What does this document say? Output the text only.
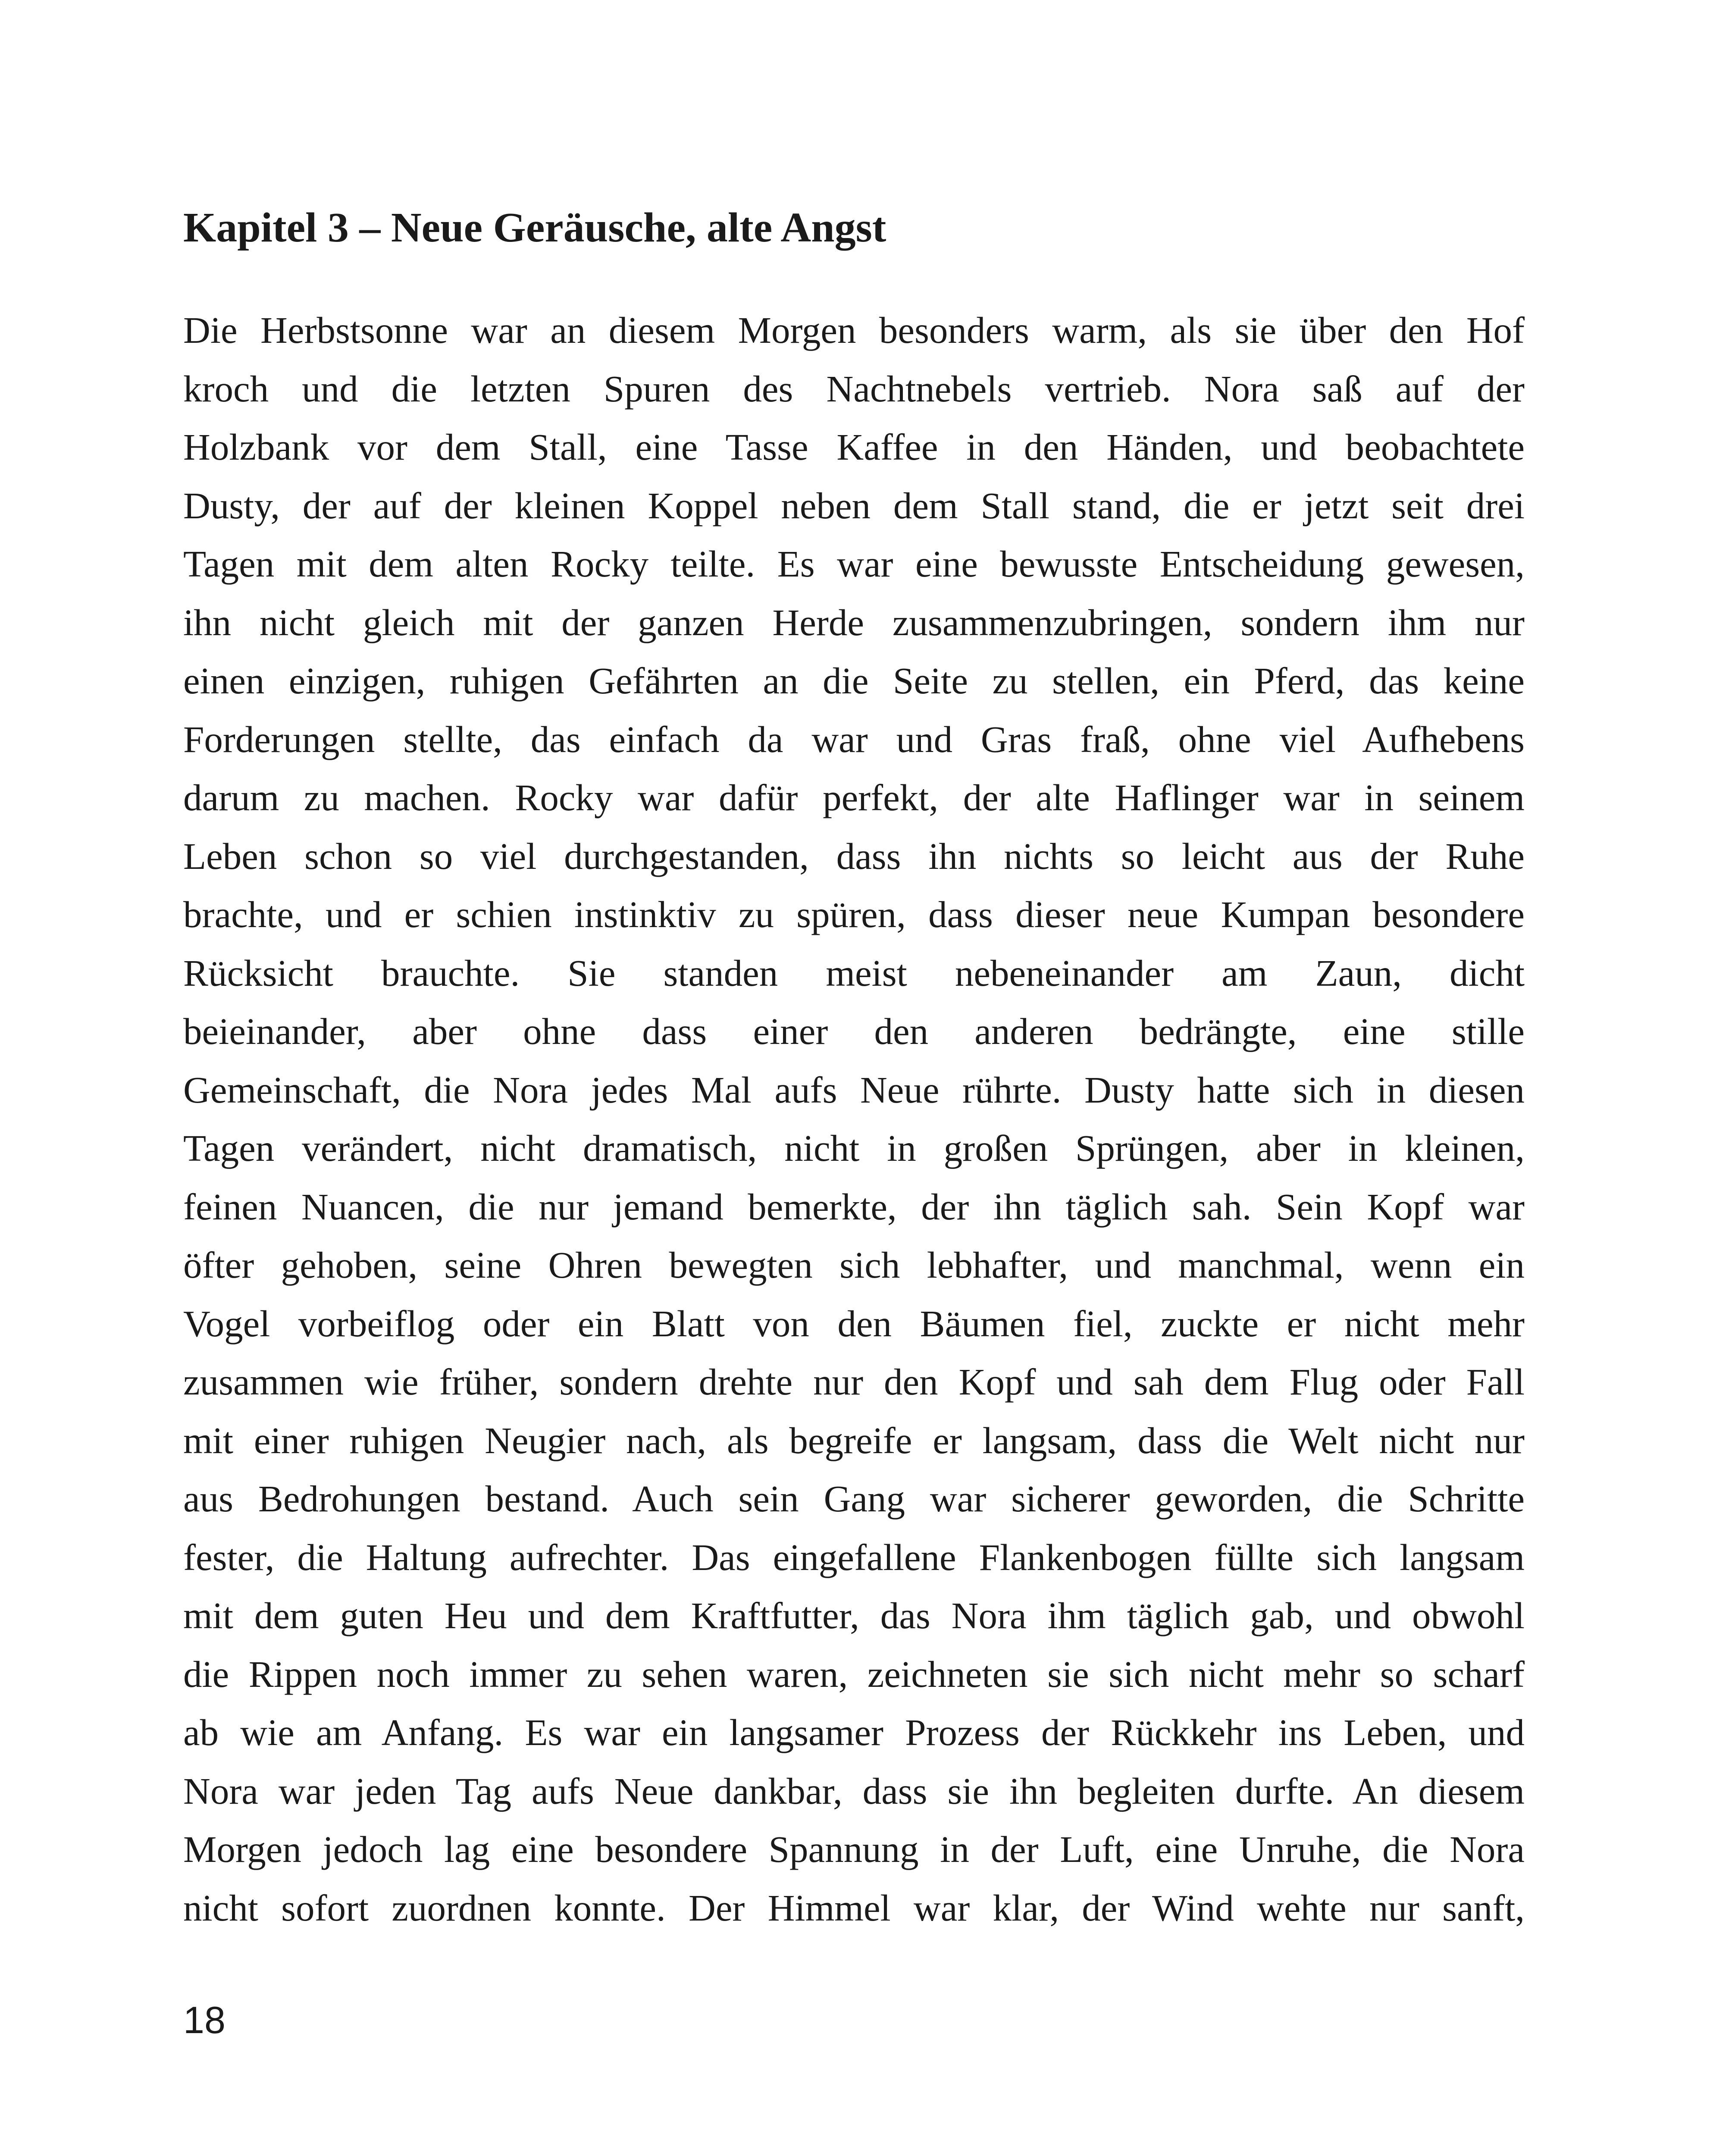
Kapitel 3 – Neue Geräusche, alte Angst
Die Herbstsonne war an diesem Morgen besonders warm, als sie über den Hof
kroch und die letzten Spuren des Nachtnebels vertrieb. Nora saß auf der
Holzbank vor dem Stall, eine Tasse Kaffee in den Händen, und beobachtete
Dusty, der auf der kleinen Koppel neben dem Stall stand, die er jetzt seit drei
Tagen mit dem alten Rocky teilte. Es war eine bewusste Entscheidung gewesen,
ihn nicht gleich mit der ganzen Herde zusammenzubringen, sondern ihm nur
einen einzigen, ruhigen Gefährten an die Seite zu stellen, ein Pferd, das keine
Forderungen stellte, das einfach da war und Gras fraß, ohne viel Aufhebens
darum zu machen. Rocky war dafür perfekt, der alte Haflinger war in seinem
Leben schon so viel durchgestanden, dass ihn nichts so leicht aus der Ruhe
brachte, und er schien instinktiv zu spüren, dass dieser neue Kumpan besondere
Rücksicht brauchte. Sie standen meist nebeneinander am Zaun, dicht
beieinander, aber ohne dass einer den anderen bedrängte, eine stille
Gemeinschaft, die Nora jedes Mal aufs Neue rührte. Dusty hatte sich in diesen
Tagen verändert, nicht dramatisch, nicht in großen Sprüngen, aber in kleinen,
feinen Nuancen, die nur jemand bemerkte, der ihn täglich sah. Sein Kopf war
öfter gehoben, seine Ohren bewegten sich lebhafter, und manchmal, wenn ein
Vogel vorbeiflog oder ein Blatt von den Bäumen fiel, zuckte er nicht mehr
zusammen wie früher, sondern drehte nur den Kopf und sah dem Flug oder Fall
mit einer ruhigen Neugier nach, als begreife er langsam, dass die Welt nicht nur
aus Bedrohungen bestand. Auch sein Gang war sicherer geworden, die Schritte
fester, die Haltung aufrechter. Das eingefallene Flankenbogen füllte sich langsam
mit dem guten Heu und dem Kraftfutter, das Nora ihm täglich gab, und obwohl
die Rippen noch immer zu sehen waren, zeichneten sie sich nicht mehr so scharf
ab wie am Anfang. Es war ein langsamer Prozess der Rückkehr ins Leben, und
Nora war jeden Tag aufs Neue dankbar, dass sie ihn begleiten durfte. An diesem
Morgen jedoch lag eine besondere Spannung in der Luft, eine Unruhe, die Nora
nicht sofort zuordnen konnte. Der Himmel war klar, der Wind wehte nur sanft,
18
